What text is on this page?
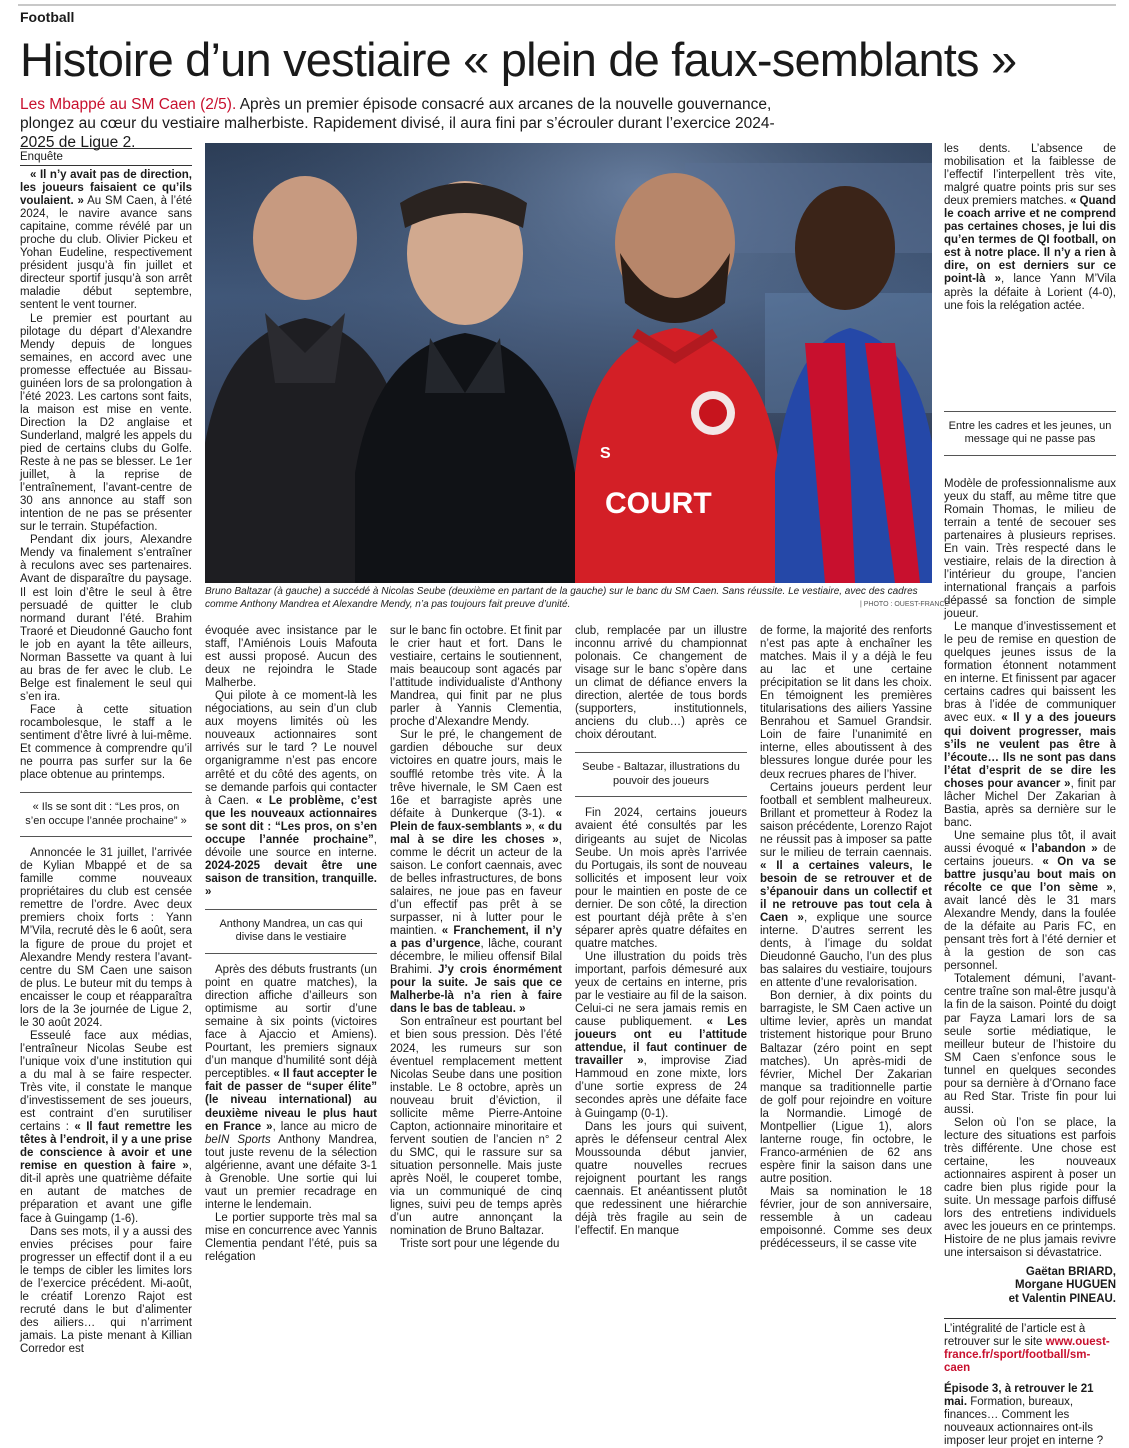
Football
Histoire d’un vestiaire « plein de faux-semblants »
Les Mbappé au SM Caen (2/5). Après un premier épisode consacré aux arcanes de la nouvelle gouvernance, plongez au cœur du vestiaire malherbiste. Rapidement divisé, il aura fini par s’écrouler durant l’exercice 2024-2025 de Ligue 2.
Enquête

« Il n’y avait pas de direction, les joueurs faisaient ce qu’ils voulaient. » Au SM Caen, à l’été 2024, le navire avance sans capitaine, comme révélé par un proche du club. Olivier Pickeu et Yohan Eudeline, respectivement président jusqu’à fin juillet et directeur sportif jusqu’à son arrêt maladie début septembre, sentent le vent tourner.

Le premier est pourtant au pilotage du départ d’Alexandre Mendy depuis de longues semaines, en accord avec une promesse effectuée au Bissau-guinéen lors de sa prolongation à l’été 2023. Les cartons sont faits, la maison est mise en vente. Direction la D2 anglaise et Sunderland, malgré les appels du pied de certains clubs du Golfe. Reste à ne pas se blesser. Le 1er juillet, à la reprise de l’entraînement, l’avant-centre de 30 ans annonce au staff son intention de ne pas se présenter sur le terrain. Stupéfaction.

Pendant dix jours, Alexandre Mendy va finalement s’entraîner à reculons avec ses partenaires. Avant de disparaître du paysage. Il est loin d’être le seul à être persuadé de quitter le club normand durant l’été. Brahim Traoré et Dieudonné Gaucho font le job en ayant la tête ailleurs, Norman Bassette va quant à lui au bras de fer avec le club. Le Belge est finalement le seul qui s’en ira.

Face à cette situation rocambolesque, le staff a le sentiment d’être livré à lui-même. Et commence à comprendre qu’il ne pourra pas surfer sur la 6e place obtenue au printemps.

« Ils se sont dit : “Les pros, on s’en occupe l’année prochaine” »

Annoncée le 31 juillet, l’arrivée de Kylian Mbappé et de sa famille comme nouveaux propriétaires du club est censée remettre de l’ordre. Avec deux premiers choix forts : Yann M’Vila, recruté dès le 6 août, sera la figure de proue du projet et Alexandre Mendy restera l’avant-centre du SM Caen une saison de plus. Le buteur mit du temps à encaisser le coup et réapparaîtra lors de la 3e journée de Ligue 2, le 30 août 2024.

Esseulé face aux médias, l’entraîneur Nicolas Seube est l’unique voix d’une institution qui a du mal à se faire respecter. Très vite, il constate le manque d’investissement de ses joueurs, est contraint d’en surutiliser certains : « Il faut remettre les têtes à l’endroit, il y a une prise de conscience à avoir et une remise en question à faire », dit-il après une quatrième défaite en autant de matches de préparation et avant une gifle face à Guingamp (1-6).

Dans ses mots, il y a aussi des envies précises pour faire progresser un effectif dont il a eu le temps de cibler les limites lors de l’exercice précédent. Mi-août, le créatif Lorenzo Rajot est recruté dans le but d’alimenter des ailiers… qui n’arriment jamais. La piste menant à Killian Corredor est

COURT
S
Bruno Baltazar (à gauche) a succédé à Nicolas Seube (deuxième en partant de la gauche) sur le banc du SM Caen. Sans réussite. Le vestiaire, avec des cadres comme Anthony Mandrea et Alexandre Mendy, n’a pas toujours fait preuve d’unité.	| PHOTO : OUEST-FRANCE

évoquée avec insistance par le staff, l’Amiénois Louis Mafouta est aussi proposé. Aucun des deux ne rejoindra le Stade Malherbe.

Qui pilote à ce moment-là les négociations, au sein d’un club aux moyens limités où les nouveaux actionnaires sont arrivés sur le tard ? Le nouvel organigramme n’est pas encore arrêté et du côté des agents, on se demande parfois qui contacter à Caen. « Le problème, c’est que les nouveaux actionnaires se sont dit : “Les pros, on s’en occupe l’année prochaine”, dévoile une source en interne. 2024-2025 devait être une saison de transition, tranquille. »

Anthony Mandrea, un cas qui divise dans le vestiaire

Après des débuts frustrants (un point en quatre matches), la direction affiche d’ailleurs son optimisme au sortir d’une semaine à six points (victoires face à Ajaccio et Amiens). Pourtant, les premiers signaux d’un manque d’humilité sont déjà perceptibles. « Il faut accepter le fait de passer de “super élite” (le niveau international) au deuxième niveau le plus haut en France », lance au micro de beIN Sports Anthony Mandrea, tout juste revenu de la sélection algérienne, avant une défaite 3-1 à Grenoble. Une sortie qui lui vaut un premier recadrage en interne le lendemain.

Le portier supporte très mal sa mise en concurrence avec Yannis Clementia pendant l’été, puis sa relégation

sur le banc fin octobre. Et finit par le crier haut et fort. Dans le vestiaire, certains le soutiennent, mais beaucoup sont agacés par l’attitude individualiste d’Anthony Mandrea, qui finit par ne plus parler à Yannis Clementia, proche d’Alexandre Mendy.

Sur le pré, le changement de gardien débouche sur deux victoires en quatre jours, mais le soufflé retombe très vite. À la trêve hivernale, le SM Caen est 16e et barragiste après une défaite à Dunkerque (3-1). « Plein de faux-semblants », « du mal à se dire les choses », comme le décrit un acteur de la saison. Le confort caennais, avec de belles infrastructures, de bons salaires, ne joue pas en faveur d’un effectif pas prêt à se surpasser, ni à lutter pour le maintien. « Franchement, il n’y a pas d’urgence, lâche, courant décembre, le milieu offensif Bilal Brahimi. J’y crois énormément pour la suite. Je sais que ce Malherbe-là n’a rien à faire dans le bas de tableau. »

Son entraîneur est pourtant bel et bien sous pression. Dès l’été 2024, les rumeurs sur son éventuel remplacement mettent Nicolas Seube dans une position instable. Le 8 octobre, après un nouveau bruit d’éviction, il sollicite même Pierre-Antoine Capton, actionnaire minoritaire et fervent soutien de l’ancien n° 2 du SMC, qui le rassure sur sa situation personnelle. Mais juste après Noël, le couperet tombe, via un communiqué de cinq lignes, suivi peu de temps après d’un autre annonçant la nomination de Bruno Baltazar.

Triste sort pour une légende du

club, remplacée par un illustre inconnu arrivé du championnat polonais. Ce changement de visage sur le banc s’opère dans un climat de défiance envers la direction, alertée de tous bords (supporters, institutionnels, anciens du club…) après ce choix déroutant.

Seube - Baltazar, illustrations du pouvoir des joueurs

Fin 2024, certains joueurs avaient été consultés par les dirigeants au sujet de Nicolas Seube. Un mois après l’arrivée du Portugais, ils sont de nouveau sollicités et imposent leur voix pour le maintien en poste de ce dernier. De son côté, la direction est pourtant déjà prête à s’en séparer après quatre défaites en quatre matches.

Une illustration du poids très important, parfois démesuré aux yeux de certains en interne, pris par le vestiaire au fil de la saison. Celui-ci ne sera jamais remis en cause publiquement. « Les joueurs ont eu l’attitude attendue, il faut continuer de travailler », improvise Ziad Hammoud en zone mixte, lors d’une sortie express de 24 secondes après une défaite face à Guingamp (0-1).

Dans les jours qui suivent, après le défenseur central Alex Moussounda début janvier, quatre nouvelles recrues rejoignent pourtant les rangs caennais. Et anéantissent plutôt que redessinent une hiérarchie déjà très fragile au sein de l’effectif. En manque

de forme, la majorité des renforts n’est pas apte à enchaîner les matches. Mais il y a déjà le feu au lac et une certaine précipitation se lit dans les choix. En témoignent les premières titularisations des ailiers Yassine Benrahou et Samuel Grandsir. Loin de faire l’unanimité en interne, elles aboutissent à des blessures longue durée pour les deux recrues phares de l’hiver.

Certains joueurs perdent leur football et semblent malheureux. Brillant et prometteur à Rodez la saison précédente, Lorenzo Rajot ne réussit pas à imposer sa patte sur le milieu de terrain caennais. « Il a certaines valeurs, le besoin de se retrouver et de s’épanouir dans un collectif et il ne retrouve pas tout cela à Caen », explique une source interne. D’autres serrent les dents, à l’image du soldat Dieudonné Gaucho, l’un des plus bas salaires du vestiaire, toujours en attente d’une revalorisation.

Bon dernier, à dix points du barragiste, le SM Caen active un ultime levier, après un mandat tristement historique pour Bruno Baltazar (zéro point en sept matches). Un après-midi de février, Michel Der Zakarian manque sa traditionnelle partie de golf pour rejoindre en voiture la Normandie. Limogé de Montpellier (Ligue 1), alors lanterne rouge, fin octobre, le Franco-arménien de 62 ans espère finir la saison dans une autre position.

Mais sa nomination le 18 février, jour de son anniversaire, ressemble à un cadeau empoisonné. Comme ses deux prédécesseurs, il se casse vite

les dents. L’absence de mobilisation et la faiblesse de l’effectif l’interpellent très vite, malgré quatre points pris sur ses deux premiers matches. « Quand le coach arrive et ne comprend pas certaines choses, je lui dis qu’en termes de QI football, on est à notre place. Il n’y a rien à dire, on est derniers sur ce point-là », lance Yann M’Vila après la défaite à Lorient (4-0), une fois la relégation actée.

Entre les cadres et les jeunes, un message qui ne passe pas

Modèle de professionnalisme aux yeux du staff, au même titre que Romain Thomas, le milieu de terrain a tenté de secouer ses partenaires à plusieurs reprises. En vain. Très respecté dans le vestiaire, relais de la direction à l’intérieur du groupe, l’ancien international français a parfois dépassé sa fonction de simple joueur.

Le manque d’investissement et le peu de remise en question de quelques jeunes issus de la formation étonnent notamment en interne. Et finissent par agacer certains cadres qui baissent les bras à l’idée de communiquer avec eux. « Il y a des joueurs qui doivent progresser, mais s’ils ne veulent pas être à l’écoute… Ils ne sont pas dans l’état d’esprit de se dire les choses pour avancer », finit par lâcher Michel Der Zakarian à Bastia, après sa dernière sur le banc.

Une semaine plus tôt, il avait aussi évoqué « l’abandon » de certains joueurs. « On va se battre jusqu’au bout mais on récolte ce que l’on sème », avait lancé dès le 31 mars Alexandre Mendy, dans la foulée de la défaite au Paris FC, en pensant très fort à l’été dernier et à la gestion de son cas personnel.

Totalement démuni, l’avant-centre traîne son mal-être jusqu’à la fin de la saison. Pointé du doigt par Fayza Lamari lors de sa seule sortie médiatique, le meilleur buteur de l’histoire du SM Caen s’enfonce sous le tunnel en quelques secondes pour sa dernière à d’Ornano face au Red Star. Triste fin pour lui aussi.

Selon où l’on se place, la lecture des situations est parfois très différente. Une chose est certaine, les nouveaux actionnaires aspirent à poser un cadre bien plus rigide pour la suite. Un message parfois diffusé lors des entretiens individuels avec les joueurs en ce printemps. Histoire de ne plus jamais revivre une intersaison si dévastatrice.

Gaëtan BRIARD,
Morgane HUGUEN
et Valentin PINEAU.

L’intégralité de l’article est à retrouver sur le site www.ouest-france.fr/sport/football/sm-caen

Épisode 3, à retrouver le 21 mai. Formation, bureaux, finances… Comment les nouveaux actionnaires ont-ils imposer leur projet en interne ?
